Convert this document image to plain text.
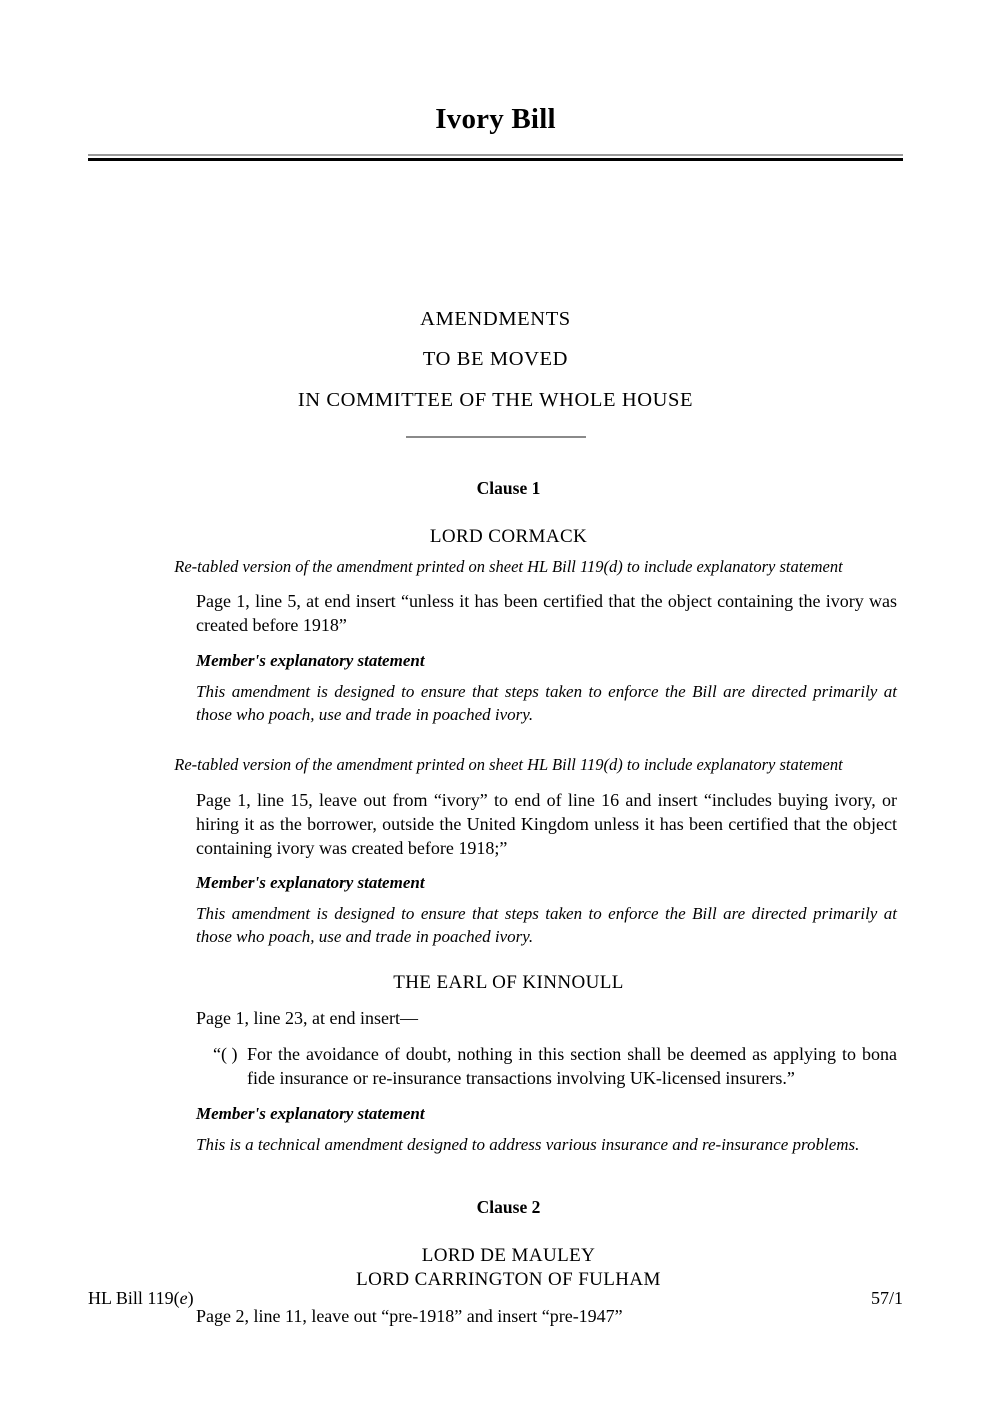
Ivory Bill
AMENDMENTS
TO BE MOVED
IN COMMITTEE OF THE WHOLE HOUSE
Clause 1
LORD CORMACK
Re-tabled version of the amendment printed on sheet HL Bill 119(d) to include explanatory statement
Page 1, line 5, at end insert “unless it has been certified that the object containing the ivory was created before 1918”
Member's explanatory statement
This amendment is designed to ensure that steps taken to enforce the Bill are directed primarily at those who poach, use and trade in poached ivory.
Re-tabled version of the amendment printed on sheet HL Bill 119(d) to include explanatory statement
Page 1, line 15, leave out from “ivory” to end of line 16 and insert “includes buying ivory, or hiring it as the borrower, outside the United Kingdom unless it has been certified that the object containing ivory was created before 1918;”
Member's explanatory statement
This amendment is designed to ensure that steps taken to enforce the Bill are directed primarily at those who poach, use and trade in poached ivory.
THE EARL OF KINNOULL
Page 1, line 23, at end insert—
“( ) For the avoidance of doubt, nothing in this section shall be deemed as applying to bona fide insurance or re-insurance transactions involving UK-licensed insurers.”
Member's explanatory statement
This is a technical amendment designed to address various insurance and re-insurance problems.
Clause 2
LORD DE MAULEY
LORD CARRINGTON OF FULHAM
Page 2, line 11, leave out “pre-1918” and insert “pre-1947”
HL Bill 119(e)	57/1
